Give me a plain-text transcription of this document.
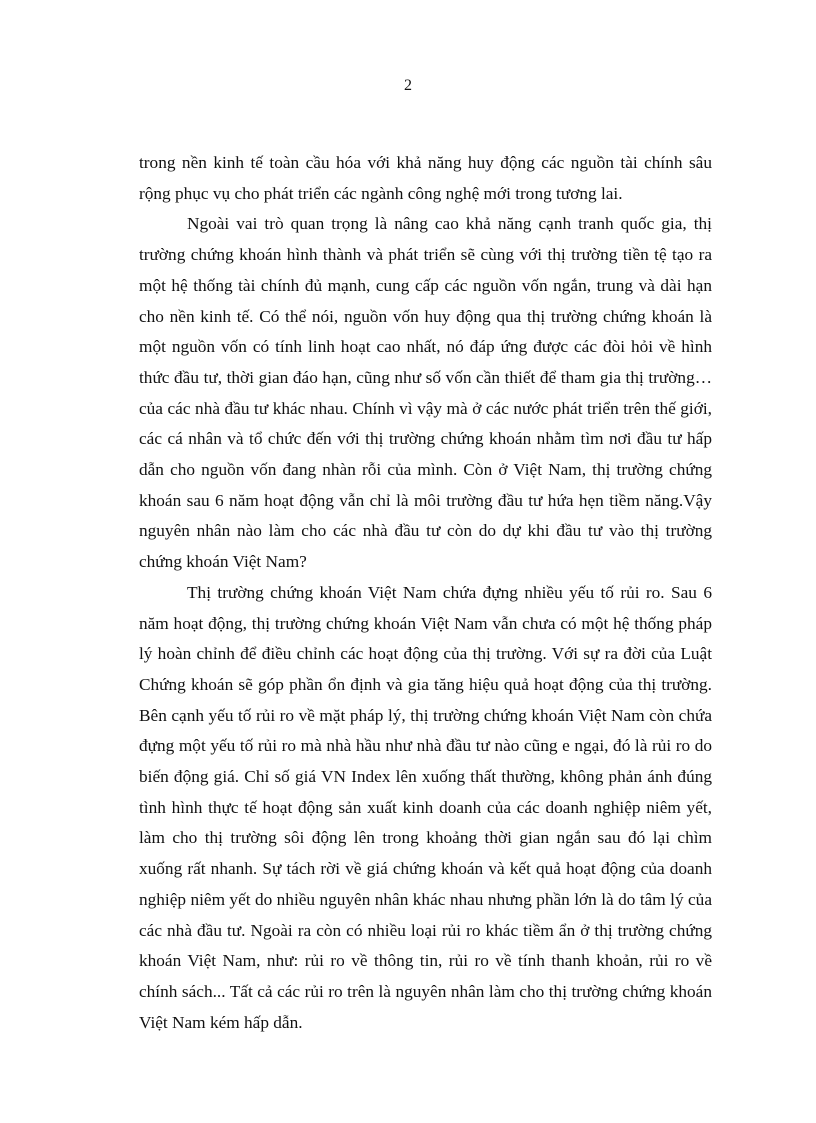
2

trong nền kinh tế toàn cầu hóa với khả năng huy động các nguồn tài chính sâu rộng phục vụ cho phát triển các ngành công nghệ mới trong tương lai.

Ngoài vai trò quan trọng là nâng cao khả năng cạnh tranh quốc gia, thị trường chứng khoán hình thành và phát triển sẽ cùng với thị trường tiền tệ tạo ra một hệ thống tài chính đủ mạnh, cung cấp các nguồn vốn ngắn, trung và dài hạn cho nền kinh tế. Có thể nói, nguồn vốn huy động qua thị trường chứng khoán là một nguồn vốn có tính linh hoạt cao nhất, nó đáp ứng được các đòi hỏi về hình thức đầu tư, thời gian đáo hạn, cũng như số vốn cần thiết để tham gia thị trường…của các nhà đầu tư khác nhau. Chính vì vậy mà ở các nước phát triển trên thế giới, các cá nhân và tổ chức đến với thị trường chứng khoán nhằm tìm nơi đầu tư hấp dẫn cho nguồn vốn đang nhàn rỗi của mình. Còn ở Việt Nam, thị trường chứng khoán sau 6 năm hoạt động vẫn chỉ là môi trường đầu tư hứa hẹn tiềm năng.Vậy nguyên nhân nào làm cho các nhà đầu tư còn do dự khi đầu tư vào thị trường chứng khoán Việt Nam?

Thị trường chứng khoán Việt Nam chứa đựng nhiều yếu tố rủi ro. Sau 6 năm hoạt động, thị trường chứng khoán Việt Nam vẫn chưa có một hệ thống pháp lý hoàn chỉnh để điều chỉnh các hoạt động của thị trường. Với sự ra đời của Luật Chứng khoán sẽ góp phần ổn định và gia tăng hiệu quả hoạt động của thị trường. Bên cạnh yếu tố rủi ro về mặt pháp lý, thị trường chứng khoán Việt Nam còn chứa đựng một yếu tố rủi ro mà nhà hầu như nhà đầu tư nào cũng e ngại, đó là rủi ro do biến động giá. Chỉ số giá VN Index lên xuống thất thường, không phản ánh đúng tình hình thực tế hoạt động sản xuất kinh doanh của các doanh nghiệp niêm yết, làm cho thị trường sôi động lên trong khoảng thời gian ngắn sau đó lại chìm xuống rất nhanh. Sự tách rời về giá chứng khoán và kết quả hoạt động của doanh nghiệp niêm yết do nhiều nguyên nhân khác nhau nhưng phần lớn là do tâm lý của các nhà đầu tư. Ngoài ra còn có nhiều loại rủi ro khác tiềm ẩn ở thị trường chứng khoán Việt Nam, như: rủi ro về thông tin, rủi ro về tính thanh khoản, rủi ro về chính sách... Tất cả các rủi ro trên là nguyên nhân làm cho thị trường chứng khoán Việt Nam kém hấp dẫn.
